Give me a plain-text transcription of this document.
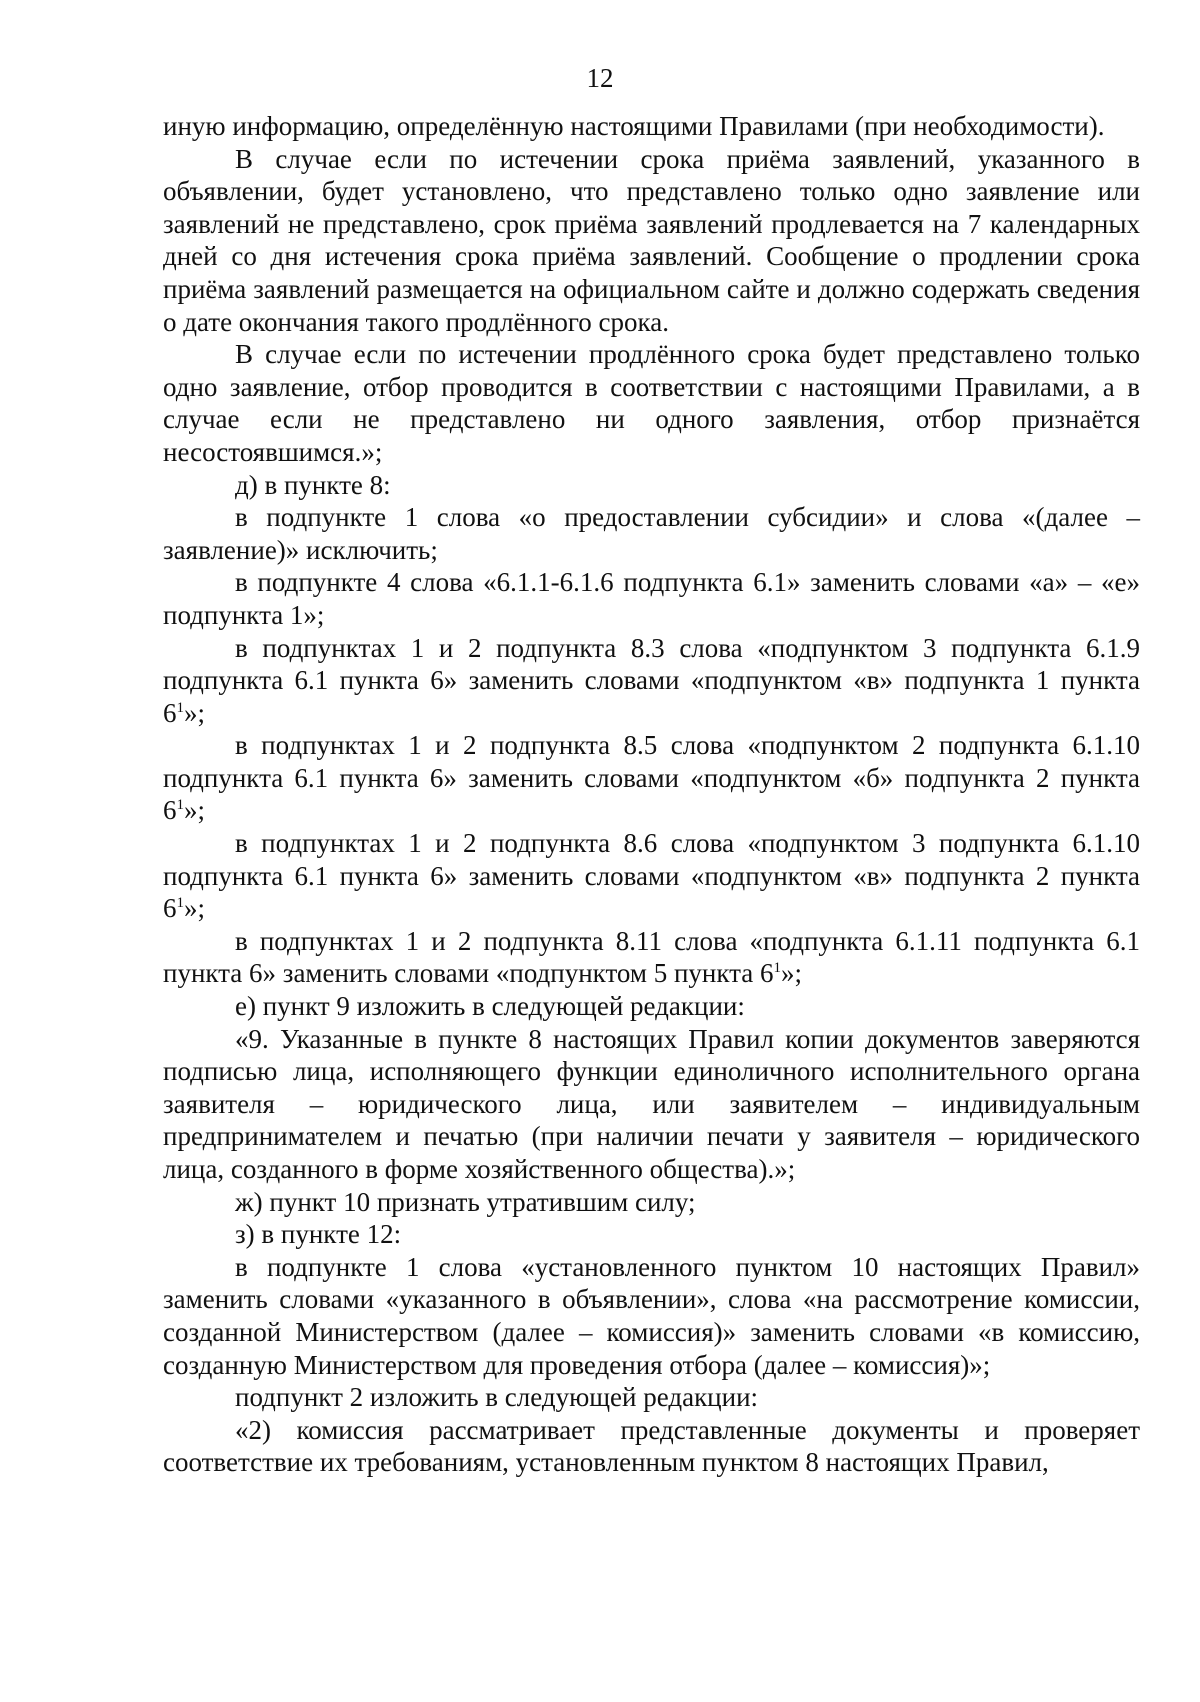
12

иную информацию, определённую настоящими Правилами (при необходимости).

В случае если по истечении срока приёма заявлений, указанного в объявлении, будет установлено, что представлено только одно заявление или заявлений не представлено, срок приёма заявлений продлевается на 7 календарных дней со дня истечения срока приёма заявлений. Сообщение о продлении срока приёма заявлений размещается на официальном сайте и должно содержать сведения о дате окончания такого продлённого срока.

В случае если по истечении продлённого срока будет представлено только одно заявление, отбор проводится в соответствии с настоящими Правилами, а в случае если не представлено ни одного заявления, отбор признаётся несостоявшимся.»;

д) в пункте 8:

в подпункте 1 слова «о предоставлении субсидии» и слова «(далее – заявление)» исключить;

в подпункте 4 слова «6.1.1-6.1.6 подпункта 6.1» заменить словами «а» – «е» подпункта 1»;

в подпунктах 1 и 2 подпункта 8.3 слова «подпунктом 3 подпункта 6.1.9 подпункта 6.1 пункта 6» заменить словами «подпунктом «в» подпункта 1 пункта $6^1$»;

в подпунктах 1 и 2 подпункта 8.5 слова «подпунктом 2 подпункта 6.1.10 подпункта 6.1 пункта 6» заменить словами «подпунктом «б» подпункта 2 пункта $6^1$»;

в подпунктах 1 и 2 подпункта 8.6 слова «подпунктом 3 подпункта 6.1.10 подпункта 6.1 пункта 6» заменить словами «подпунктом «в» подпункта 2 пункта $6^1$»;

в подпунктах 1 и 2 подпункта 8.11 слова «подпункта 6.1.11 подпункта 6.1 пункта 6» заменить словами «подпунктом 5 пункта $6^1$»;

е) пункт 9 изложить в следующей редакции:

«9. Указанные в пункте 8 настоящих Правил копии документов заверяются подписью лица, исполняющего функции единоличного исполнительного органа заявителя – юридического лица, или заявителем – индивидуальным предпринимателем и печатью (при наличии печати у заявителя – юридического лица, созданного в форме хозяйственного общества).»;

ж) пункт 10 признать утратившим силу;

з) в пункте 12:

в подпункте 1 слова «установленного пунктом 10 настоящих Правил» заменить словами «указанного в объявлении», слова «на рассмотрение комиссии, созданной Министерством (далее – комиссия)» заменить словами «в комиссию, созданную Министерством для проведения отбора (далее – комиссия)»;

подпункт 2 изложить в следующей редакции:

«2) комиссия рассматривает представленные документы и проверяет соответствие их требованиям, установленным пунктом 8 настоящих Правил,
